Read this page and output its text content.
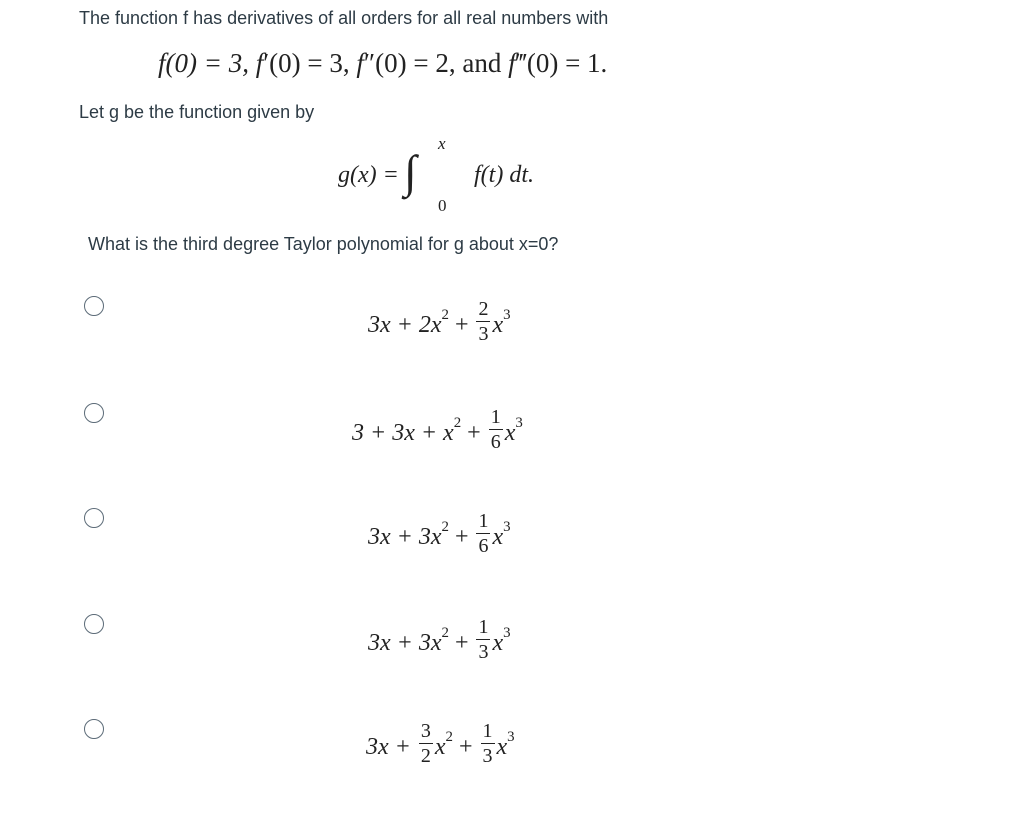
The function f has derivatives of all orders for all real numbers with
f(0) = 3, f′(0) = 3, f″(0) = 2, and f‴(0) = 1.
Let g be the function given by
g(x) = ∫
x
0
f(t) dt.
What is the third degree Taylor polynomial for g about x=0?
$3x + 2x^2 + \frac{2}{3} x^3$
$3 + 3x + x^2 + \frac{1}{6} x^3$
$3x + 3x^2 + \frac{1}{6} x^3$
$3x + 3x^2 + \frac{1}{3} x^3$
$3x + \frac{3}{2} x^2 + \frac{1}{3} x^3$
